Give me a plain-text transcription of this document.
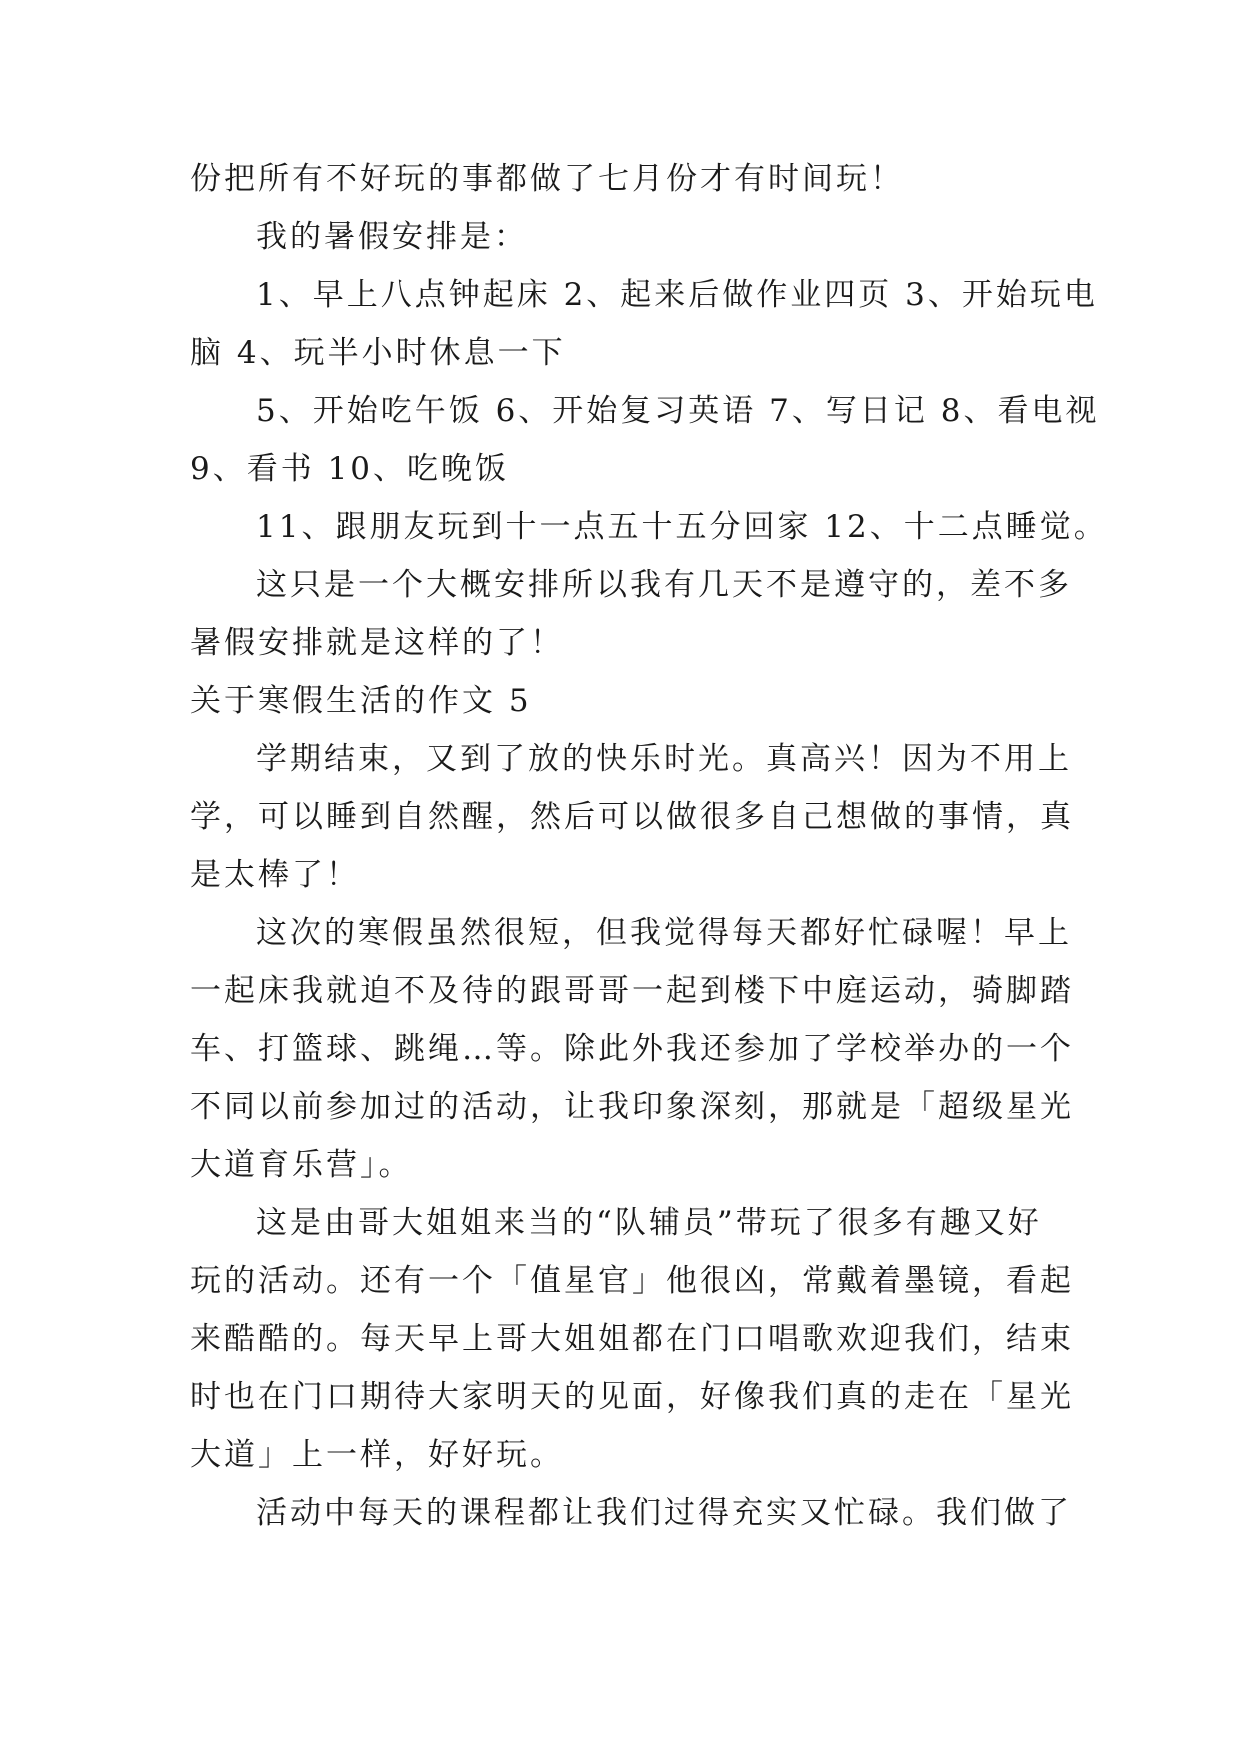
份把所有不好玩的事都做了七月份才有时间玩！
我的暑假安排是：
1、早上八点钟起床 2、起来后做作业四页 3、开始玩电
脑 4、玩半小时休息一下
5、开始吃午饭 6、开始复习英语 7、写日记 8、看电视
9、看书 10、吃晚饭
11、跟朋友玩到十一点五十五分回家 12、十二点睡觉。
这只是一个大概安排所以我有几天不是遵守的，差不多
暑假安排就是这样的了！
关于寒假生活的作文 5
学期结束，又到了放的快乐时光。真高兴！因为不用上
学，可以睡到自然醒，然后可以做很多自己想做的事情，真
是太棒了！
这次的寒假虽然很短，但我觉得每天都好忙碌喔！早上
一起床我就迫不及待的跟哥哥一起到楼下中庭运动，骑脚踏
车、打篮球、跳绳…等。除此外我还参加了学校举办的一个
不同以前参加过的活动，让我印象深刻，那就是「超级星光
大道育乐营」。
这是由哥大姐姐来当的“队辅员”带玩了很多有趣又好
玩的活动。还有一个「值星官」他很凶，常戴着墨镜，看起
来酷酷的。每天早上哥大姐姐都在门口唱歌欢迎我们，结束
时也在门口期待大家明天的见面，好像我们真的走在「星光
大道」上一样，好好玩。
活动中每天的课程都让我们过得充实又忙碌。我们做了
